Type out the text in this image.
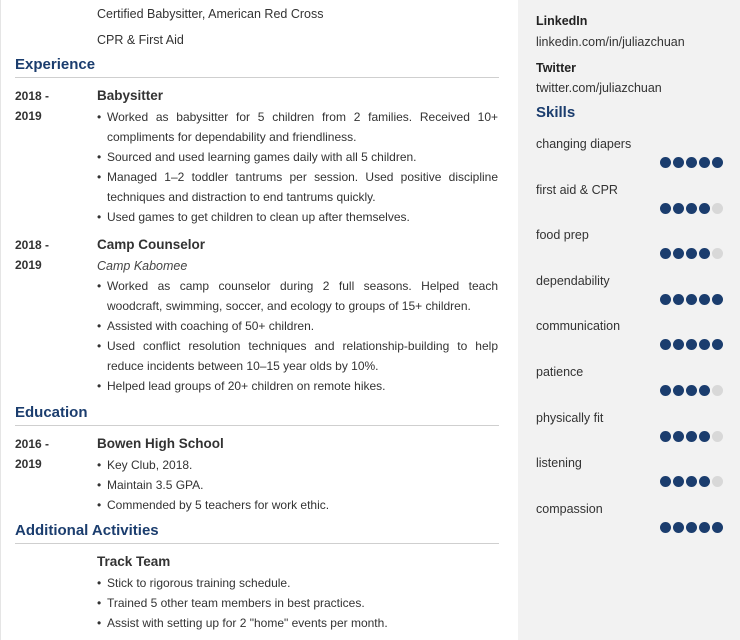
Certified Babysitter, American Red Cross
CPR & First Aid
Experience
2018 -
2019
Babysitter
• Worked as babysitter for 5 children from 2 families. Received 10+ compliments for dependability and friendliness.
• Sourced and used learning games daily with all 5 children.
• Managed 1–2 toddler tantrums per session. Used positive discipline techniques and distraction to end tantrums quickly.
• Used games to get children to clean up after themselves.
2018 -
2019
Camp Counselor
Camp Kabomee
• Worked as camp counselor during 2 full seasons. Helped teach woodcraft, swimming, soccer, and ecology to groups of 15+ children.
• Assisted with coaching of 50+ children.
• Used conflict resolution techniques and relationship-building to help reduce incidents between 10–15 year olds by 10%.
• Helped lead groups of 20+ children on remote hikes.
Education
2016 -
2019
Bowen High School
• Key Club, 2018.
• Maintain 3.5 GPA.
• Commended by 5 teachers for work ethic.
Additional Activities
Track Team
• Stick to rigorous training schedule.
• Trained 5 other team members in best practices.
• Assist with setting up for 2 "home" events per month.
LinkedIn
linkedin.com/in/juliazchuan
Twitter
twitter.com/juliazchuan
Skills
changing diapers
first aid & CPR
food prep
dependability
communication
patience
physically fit
listening
compassion
